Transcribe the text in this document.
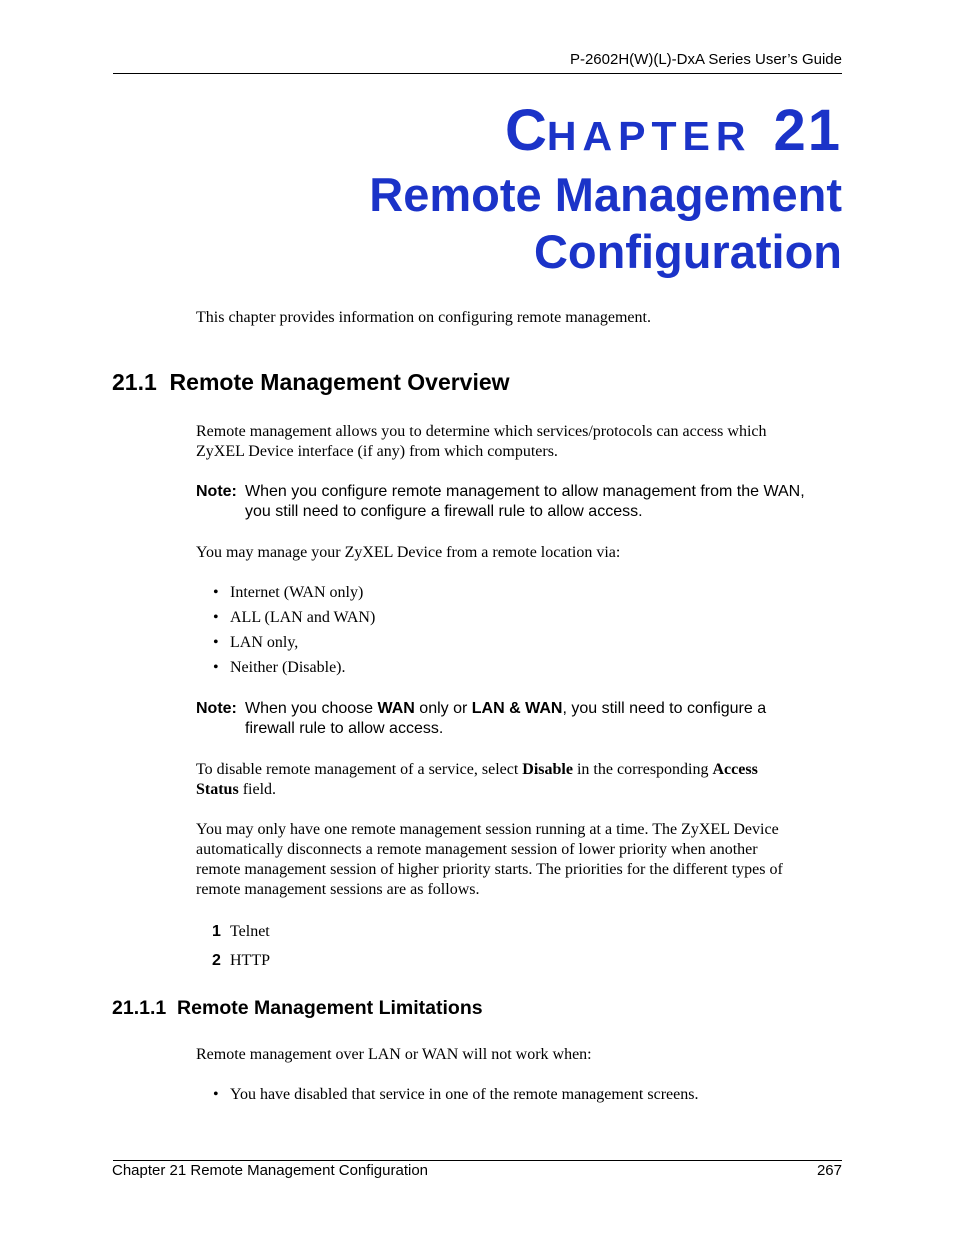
P-2602H(W)(L)-DxA Series User’s Guide
CHAPTER 21
Remote Management
Configuration
This chapter provides information on configuring remote management.
21.1  Remote Management Overview
Remote management allows you to determine which services/protocols can access which
ZyXEL Device interface (if any) from which computers.
Note: When you configure remote management to allow management from the WAN,
you still need to configure a firewall rule to allow access.
You may manage your ZyXEL Device from a remote location via:
• Internet (WAN only)
• ALL (LAN and WAN)
• LAN only,
• Neither (Disable).
Note: When you choose WAN only or LAN & WAN, you still need to configure a
firewall rule to allow access.
To disable remote management of a service, select Disable in the corresponding Access
Status field.
You may only have one remote management session running at a time. The ZyXEL Device
automatically disconnects a remote management session of lower priority when another
remote management session of higher priority starts. The priorities for the different types of
remote management sessions are as follows.
1 Telnet
2 HTTP
21.1.1  Remote Management Limitations
Remote management over LAN or WAN will not work when:
• You have disabled that service in one of the remote management screens.
Chapter 21 Remote Management Configuration	267
